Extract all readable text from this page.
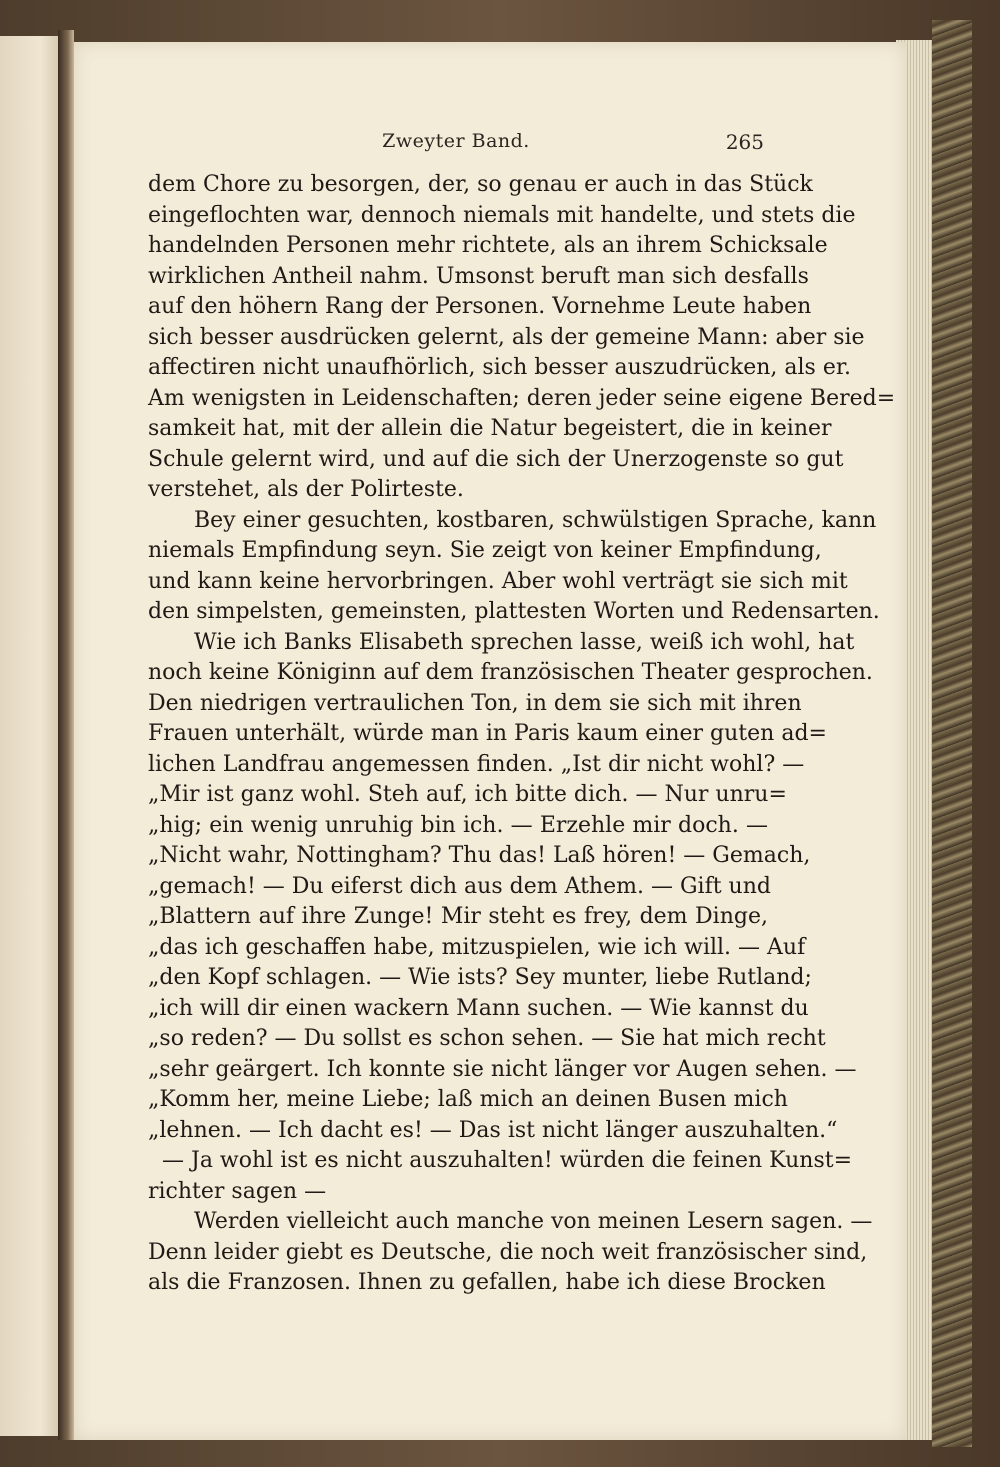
Zweyter Band.	265
dem Chore zu besorgen, der, so genau er auch in das Stück
eingeflochten war, dennoch niemals mit handelte, und stets die
handelnden Personen mehr richtete, als an ihrem Schicksale
wirklichen Antheil nahm. Umsonst beruft man sich desfalls
auf den höhern Rang der Personen. Vornehme Leute haben
sich besser ausdrücken gelernt, als der gemeine Mann: aber sie
affectiren nicht unaufhörlich, sich besser auszudrücken, als er.
Am wenigsten in Leidenschaften; deren jeder seine eigene Bered=
samkeit hat, mit der allein die Natur begeistert, die in keiner
Schule gelernt wird, und auf die sich der Unerzogenste so gut
verstehet, als der Polirteste.
Bey einer gesuchten, kostbaren, schwülstigen Sprache, kann
niemals Empfindung seyn. Sie zeigt von keiner Empfindung,
und kann keine hervorbringen. Aber wohl verträgt sie sich mit
den simpelsten, gemeinsten, plattesten Worten und Redensarten.
Wie ich Banks Elisabeth sprechen lasse, weiß ich wohl, hat
noch keine Königinn auf dem französischen Theater gesprochen.
Den niedrigen vertraulichen Ton, in dem sie sich mit ihren
Frauen unterhält, würde man in Paris kaum einer guten ad=
lichen Landfrau angemessen finden. „Ist dir nicht wohl? —
„Mir ist ganz wohl. Steh auf, ich bitte dich. — Nur unru=
„hig; ein wenig unruhig bin ich. — Erzehle mir doch. —
„Nicht wahr, Nottingham? Thu das! Laß hören! — Gemach,
„gemach! — Du eiferst dich aus dem Athem. — Gift und
„Blattern auf ihre Zunge! Mir steht es frey, dem Dinge,
„das ich geschaffen habe, mitzuspielen, wie ich will. — Auf
„den Kopf schlagen. — Wie ists? Sey munter, liebe Rutland;
„ich will dir einen wackern Mann suchen. — Wie kannst du
„so reden? — Du sollst es schon sehen. — Sie hat mich recht
„sehr geärgert. Ich konnte sie nicht länger vor Augen sehen. —
„Komm her, meine Liebe; laß mich an deinen Busen mich
„lehnen. — Ich dacht es! — Das ist nicht länger auszuhalten.“
— Ja wohl ist es nicht auszuhalten! würden die feinen Kunst=
richter sagen —
Werden vielleicht auch manche von meinen Lesern sagen. —
Denn leider giebt es Deutsche, die noch weit französischer sind,
als die Franzosen. Ihnen zu gefallen, habe ich diese Brocken
